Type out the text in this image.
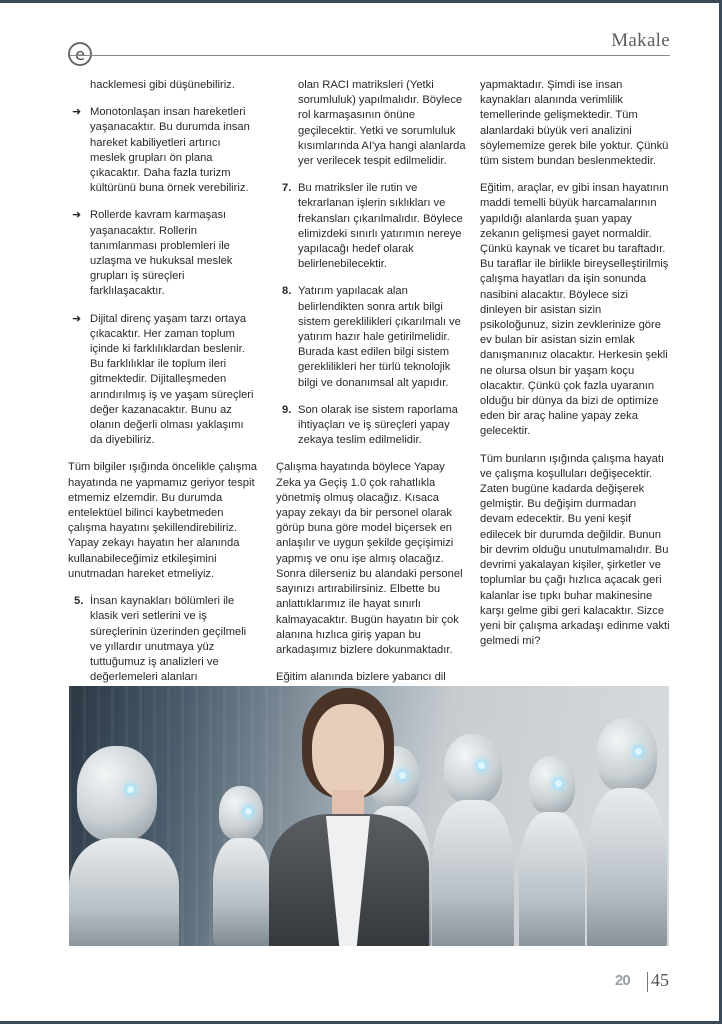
Makale

hacklemesi gibi düşünebiliriz.

➜ Monotonlaşan insan hareketleri yaşanacaktır. Bu durumda insan hareket kabiliyetleri artırıcı meslek grupları ön plana çıkacaktır. Daha fazla turizm kültürünü buna örnek verebiliriz.
➜ Rollerde kavram karmaşası yaşanacaktır. Rollerin tanımlanması problemleri ile uzlaşma ve hukuksal meslek grupları iş süreçleri farklılaşacaktır.
➜ Dijital direnç yaşam tarzı ortaya çıkacaktır. Her zaman toplum içinde ki farklılıklardan beslenir. Bu farklılıklar ile toplum ileri gitmektedir. Dijitalleşmeden arındırılmış iş ve yaşam süreçleri değer kazanacaktır. Bunu az olanın değerli olması yaklaşımı da diyebiliriz.

Tüm bilgiler ışığında öncelikle çalışma hayatında ne yapmamız geriyor tespit etmemiz elzemdir. Bu durumda entelektüel bilinci kaybetmeden çalışma hayatını şekillendirebiliriz. Yapay zekayı hayatın her alanında kullanabileceğimiz etkileşimini unutmadan hareket etmeliyiz.

5. İnsan kaynakları bölümleri ile klasik veri setlerini ve iş süreçlerinin üzerinden geçilmeli ve yıllardır unutmaya yüz tuttuğumuz iş analizleri ve değerlemeleri alanları

olan RACI matriksleri (Yetki sorumluluk) yapılmalıdır. Böylece rol karmaşasının önüne geçilecektir. Yetki ve sorumluluk kısımlarında AI'ya hangi alanlarda yer verilecek tespit edilmelidir.

7. Bu matriksler ile rutin ve tekrarlanan işlerin sıklıkları ve frekansları çıkarılmalıdır. Böylece elimizdeki sınırlı yatırımın nereye yapılacağı hedef olarak belirlenebilecektir.
8. Yatırım yapılacak alan belirlendikten sonra artık bilgi sistem gereklilikleri çıkarılmalı ve yatırım hazır hale getirilmelidir. Burada kast edilen bilgi sistem gereklilikleri her türlü teknolojik bilgi ve donanımsal alt yapıdır.
9. Son olarak ise sistem raporlama ihtiyaçları ve iş süreçleri yapay zekaya teslim edilmelidir.

Çalışma hayatında böylece Yapay Zeka ya Geçiş 1.0 çok rahatlıkla yönetmiş olmuş olacağız. Kısaca yapay zekayı da bir personel olarak görüp buna göre model biçersek en anlaşılır ve uygun şekilde geçişimizi yapmış ve onu işe almış olacağız. Sonra dilerseniz bu alandaki personel sayınızı artırabilirsiniz. Elbette bu anlattıklarımız ile hayat sınırlı kalmayacaktır. Bugün hayatın bir çok alanına hızlıca giriş yapan bu arkadaşımız bizlere dokunmaktadır.

Eğitim alanında bizlere yabancı dil

yapmaktadır. Şimdi ise insan kaynakları alanında verimlilik temellerinde gelişmektedir. Tüm alanlardaki büyük veri analizini söylememize gerek bile yoktur. Çünkü tüm sistem bundan beslenmektedir.

Eğitim, araçlar, ev gibi insan hayatının maddi temelli büyük harcamalarının yapıldığı alanlarda şuan yapay zekanın gelişmesi gayet normaldir. Çünkü kaynak ve ticaret bu taraftadır. Bu taraflar ile birlikle bireyselleştirilmiş çalışma hayatları da işin sonunda nasibini alacaktır. Böylece sizi dinleyen bir asistan sizin psikoloğunuz, sizin zevklerinize göre ev bulan bir asistan sizin emlak danışmanınız olacaktır. Herkesin şekli ne olursa olsun bir yaşam koçu olacaktır. Çünkü çok fazla uyaranın olduğu bir dünya da bizi de optimize eden bir araç haline yapay zeka gelecektir.

Tüm bunların ışığında çalışma hayatı ve çalışma koşulluları değişecektir. Zaten bugüne kadarda değişerek gelmiştir. Bu değişim durmadan devam edecektir. Bu yeni keşif edilecek bir durumda değildir. Bunun bir devrim olduğu unutulmamalıdır. Bu devrimi yakalayan kişiler, şirketler ve toplumlar bu çağı hızlıca açacak geri kalanlar ise tıpkı buhar makinesine karşı gelme gibi geri kalacaktır. Sizce yeni bir çalışma arkadaşı edinme vakti gelmedi mi?

20 45
